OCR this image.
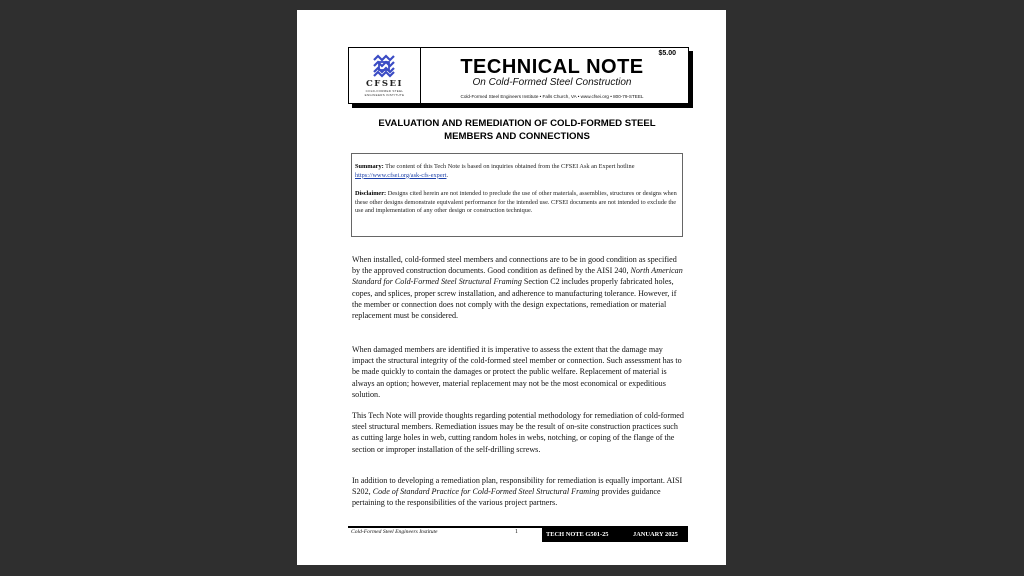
CFSEI
COLD-FORMED STEEL
ENGINEERS INSTITUTE
$5.00
TECHNICAL NOTE
On Cold-Formed Steel Construction
Cold-Formed Steel Engineers Institute • Falls Church, VA • www.cfsei.org • 800-79-STEEL
EVALUATION AND REMEDIATION OF COLD-FORMED STEEL
MEMBERS AND CONNECTIONS

Summary: The content of this Tech Note is based on inquiries obtained from the CFSEI Ask an Expert hotline https://www.cfsei.org/ask-cfs-expert.

Disclaimer: Designs cited herein are not intended to preclude the use of other materials, assemblies, structures or designs when these other designs demonstrate equivalent performance for the intended use. CFSEI documents are not intended to exclude the use and implementation of any other design or construction technique.

When installed, cold-formed steel members and connections are to be in good condition as specified by the approved construction documents. Good condition as defined by the AISI 240, North American Standard for Cold-Formed Steel Structural Framing Section C2 includes properly fabricated holes, copes, and splices, proper screw installation, and adherence to manufacturing tolerance. However, if the member or connection does not comply with the design expectations, remediation or material replacement must be considered.

When damaged members are identified it is imperative to assess the extent that the damage may impact the structural integrity of the cold-formed steel member or connection. Such assessment has to be made quickly to contain the damages or protect the public welfare. Replacement of material is always an option; however, material replacement may not be the most economical or expeditious solution.

This Tech Note will provide thoughts regarding potential methodology for remediation of cold-formed steel structural members. Remediation issues may be the result of on-site construction practices such as cutting large holes in web, cutting random holes in webs, notching, or coping of the flange of the section or improper installation of the self-drilling screws.

In addition to developing a remediation plan, responsibility for remediation is equally important. AISI S202, Code of Standard Practice for Cold-Formed Steel Structural Framing provides guidance pertaining to the responsibilities of the various project partners.

Cold-Formed Steel Engineers Institute	1	TECH NOTE G501-25	JANUARY 2025
